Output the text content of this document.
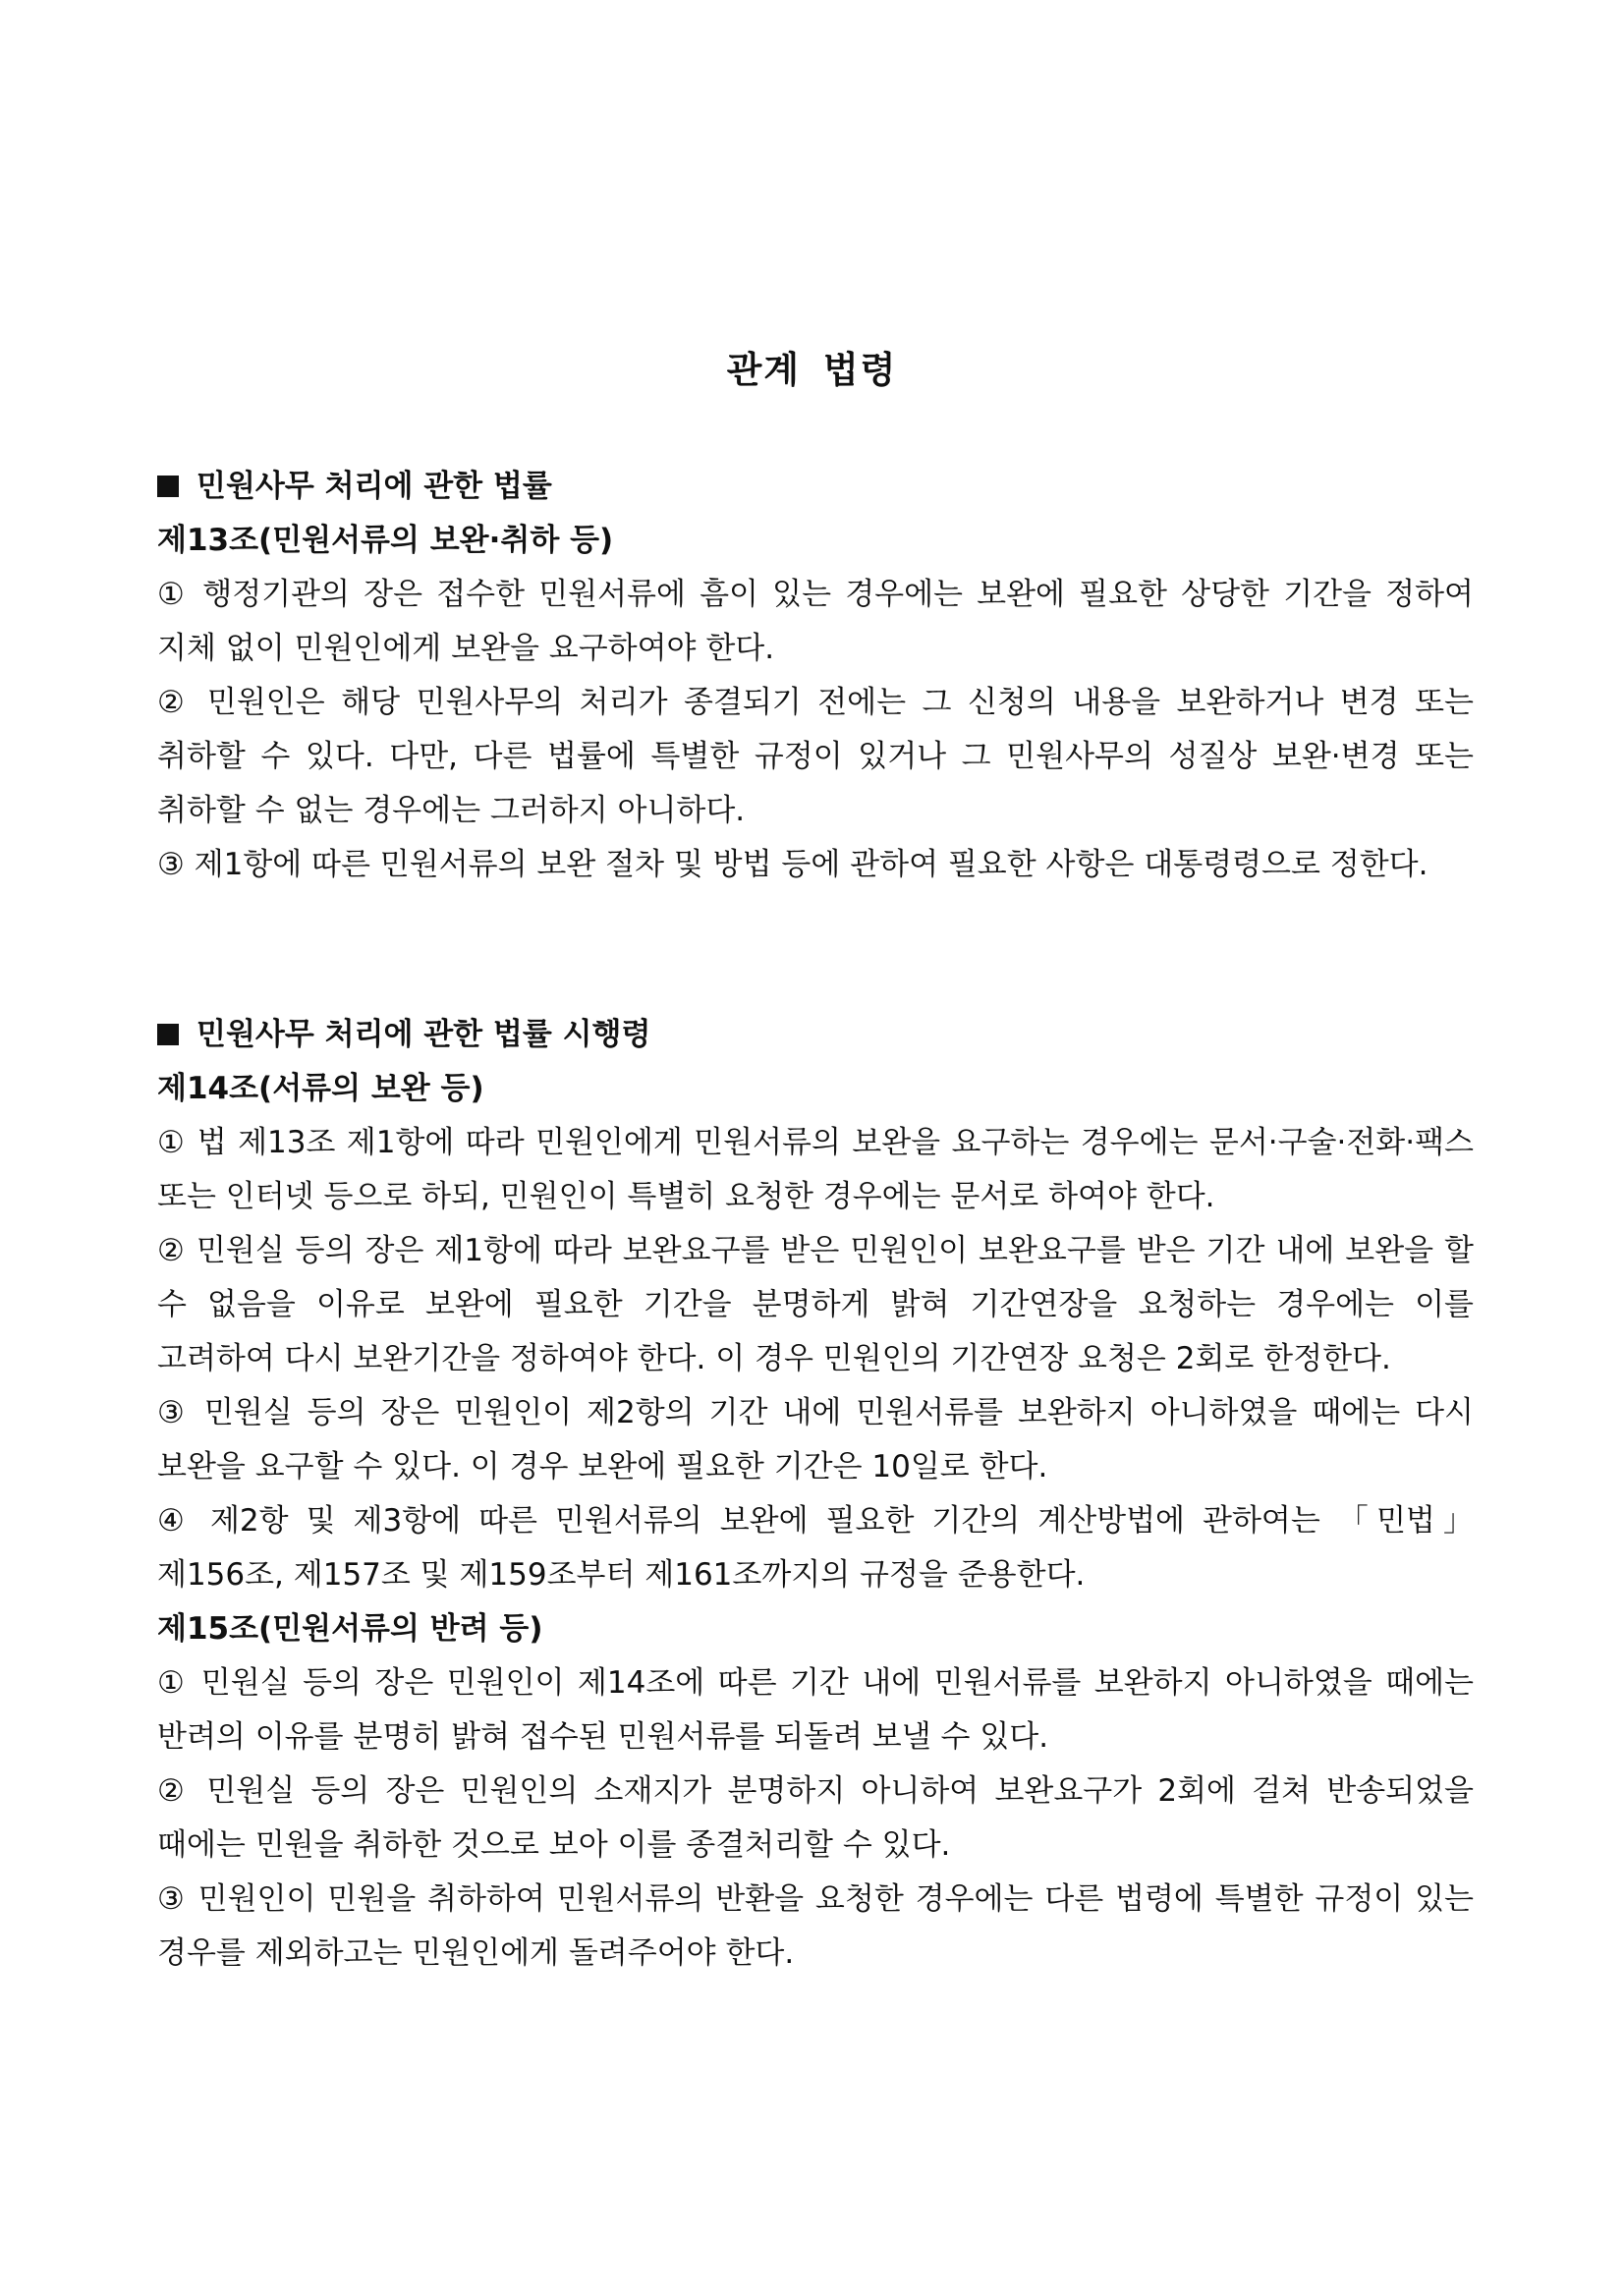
관계 법령
민원사무 처리에 관한 법률
제13조(민원서류의 보완·취하 등)
① 행정기관의 장은 접수한 민원서류에 흠이 있는 경우에는 보완에 필요한 상당한 기간을 정하여 지체 없이 민원인에게 보완을 요구하여야 한다.
② 민원인은 해당 민원사무의 처리가 종결되기 전에는 그 신청의 내용을 보완하거나 변경 또는 취하할 수 있다. 다만, 다른 법률에 특별한 규정이 있거나 그 민원사무의 성질상 보완·변경 또는 취하할 수 없는 경우에는 그러하지 아니하다.
③ 제1항에 따른 민원서류의 보완 절차 및 방법 등에 관하여 필요한 사항은 대통령령으로 정한다.
민원사무 처리에 관한 법률 시행령
제14조(서류의 보완 등)
① 법 제13조 제1항에 따라 민원인에게 민원서류의 보완을 요구하는 경우에는 문서·구술·전화·팩스 또는 인터넷 등으로 하되, 민원인이 특별히 요청한 경우에는 문서로 하여야 한다.
② 민원실 등의 장은 제1항에 따라 보완요구를 받은 민원인이 보완요구를 받은 기간 내에 보완을 할 수 없음을 이유로 보완에 필요한 기간을 분명하게 밝혀 기간연장을 요청하는 경우에는 이를 고려하여 다시 보완기간을 정하여야 한다. 이 경우 민원인의 기간연장 요청은 2회로 한정한다.
③ 민원실 등의 장은 민원인이 제2항의 기간 내에 민원서류를 보완하지 아니하였을 때에는 다시 보완을 요구할 수 있다. 이 경우 보완에 필요한 기간은 10일로 한다.
④ 제2항 및 제3항에 따른 민원서류의 보완에 필요한 기간의 계산방법에 관하여는 「민법」 제156조, 제157조 및 제159조부터 제161조까지의 규정을 준용한다.
제15조(민원서류의 반려 등)
① 민원실 등의 장은 민원인이 제14조에 따른 기간 내에 민원서류를 보완하지 아니하였을 때에는 반려의 이유를 분명히 밝혀 접수된 민원서류를 되돌려 보낼 수 있다.
② 민원실 등의 장은 민원인의 소재지가 분명하지 아니하여 보완요구가 2회에 걸쳐 반송되었을 때에는 민원을 취하한 것으로 보아 이를 종결처리할 수 있다.
③ 민원인이 민원을 취하하여 민원서류의 반환을 요청한 경우에는 다른 법령에 특별한 규정이 있는 경우를 제외하고는 민원인에게 돌려주어야 한다.
